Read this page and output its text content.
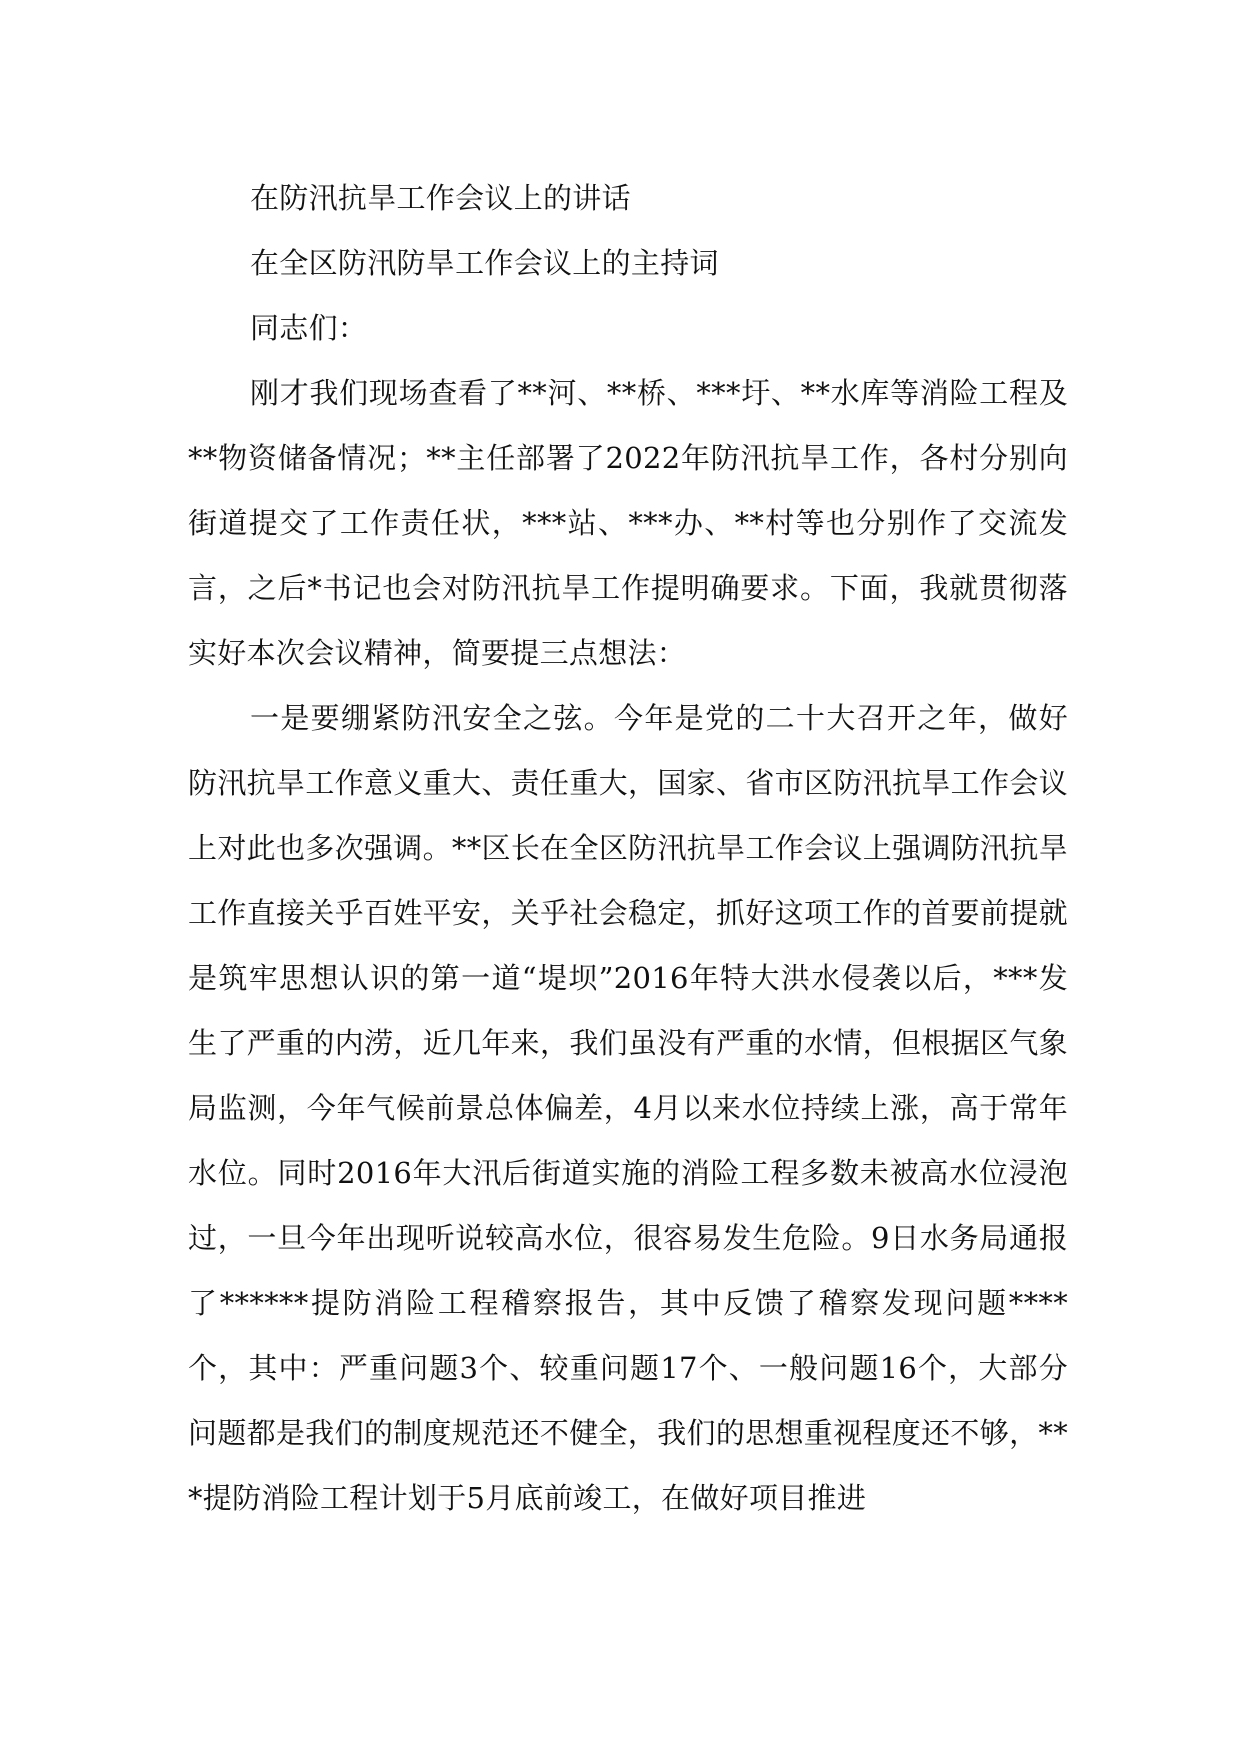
在防汛抗旱工作会议上的讲话

在全区防汛防旱工作会议上的主持词

同志们：

刚才我们现场查看了**河、**桥、***圩、**水库等消险工程及**物资储备情况；**主任部署了2022年防汛抗旱工作，各村分别向街道提交了工作责任状，***站、***办、**村等也分别作了交流发言，之后*书记也会对防汛抗旱工作提明确要求。下面，我就贯彻落实好本次会议精神，简要提三点想法：

一是要绷紧防汛安全之弦。今年是党的二十大召开之年，做好防汛抗旱工作意义重大、责任重大，国家、省市区防汛抗旱工作会议上对此也多次强调。**区长在全区防汛抗旱工作会议上强调防汛抗旱工作直接关乎百姓平安，关乎社会稳定，抓好这项工作的首要前提就是筑牢思想认识的第一道“堤坝”2016年特大洪水侵袭以后，***发生了严重的内涝，近几年来，我们虽没有严重的水情，但根据区气象局监测，今年气候前景总体偏差，4月以来水位持续上涨，高于常年水位。同时2016年大汛后街道实施的消险工程多数未被高水位浸泡过，一旦今年出现听说较高水位，很容易发生危险。9日水务局通报了******提防消险工程稽察报告，其中反馈了稽察发现问题****个，其中：严重问题3个、较重问题17个、一般问题16个，大部分问题都是我们的制度规范还不健全，我们的思想重视程度还不够，***提防消险工程计划于5月底前竣工，在做好项目推进
